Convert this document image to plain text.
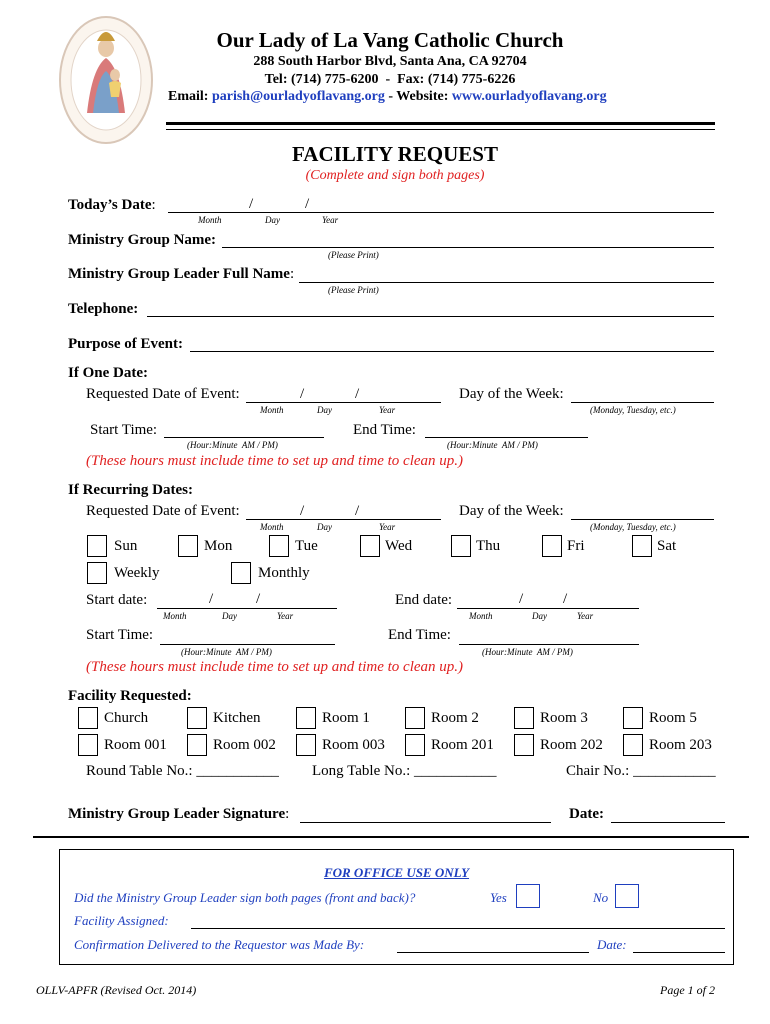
Our Lady of La Vang Catholic Church
288 South Harbor Blvd, Santa Ana, CA 92704
Tel: (714) 775-6200  -  Fax: (714) 775-6226
Email: parish@ourladyoflavang.org - Website: www.ourladyoflavang.org
FACILITY REQUEST
(Complete and sign both pages)
Today’s Date:	/	/
Month	Day	Year
Ministry Group Name:
(Please Print)
Ministry Group Leader Full Name:
(Please Print)
Telephone:
Purpose of Event:
If One Date:
Requested Date of Event:	/	/
Month	Day	Year
Day of the Week:
(Monday, Tuesday, etc.)
Start Time:
(Hour:Minute  AM / PM)
End Time:
(Hour:Minute  AM / PM)
(These hours must include time to set up and time to clean up.)
If Recurring Dates:
Requested Date of Event:	/	/
Month	Day	Year
Day of the Week:
(Monday, Tuesday, etc.)
Sun	Mon	Tue	Wed	Thu	Fri	Sat
Weekly	Monthly
Start date:	/	/
Month	Day	Year
End date:	/	/
Month	Day	Year
Start Time:
(Hour:Minute  AM / PM)
End Time:
(Hour:Minute  AM / PM)
(These hours must include time to set up and time to clean up.)
Facility Requested:
Church	Kitchen	Room 1	Room 2	Room 3	Room 5
Room 001	Room 002	Room 003	Room 201	Room 202	Room 203
Round Table No.: ___________ Long Table No.: ___________	Chair No.: ___________
Ministry Group Leader Signature:	Date:
FOR OFFICE USE ONLY
Did the Ministry Group Leader sign both pages (front and back)?	Yes	No
Facility Assigned:
Confirmation Delivered to the Requestor was Made By:	Date:
OLLV-APFR (Revised Oct. 2014)	Page 1 of 2
